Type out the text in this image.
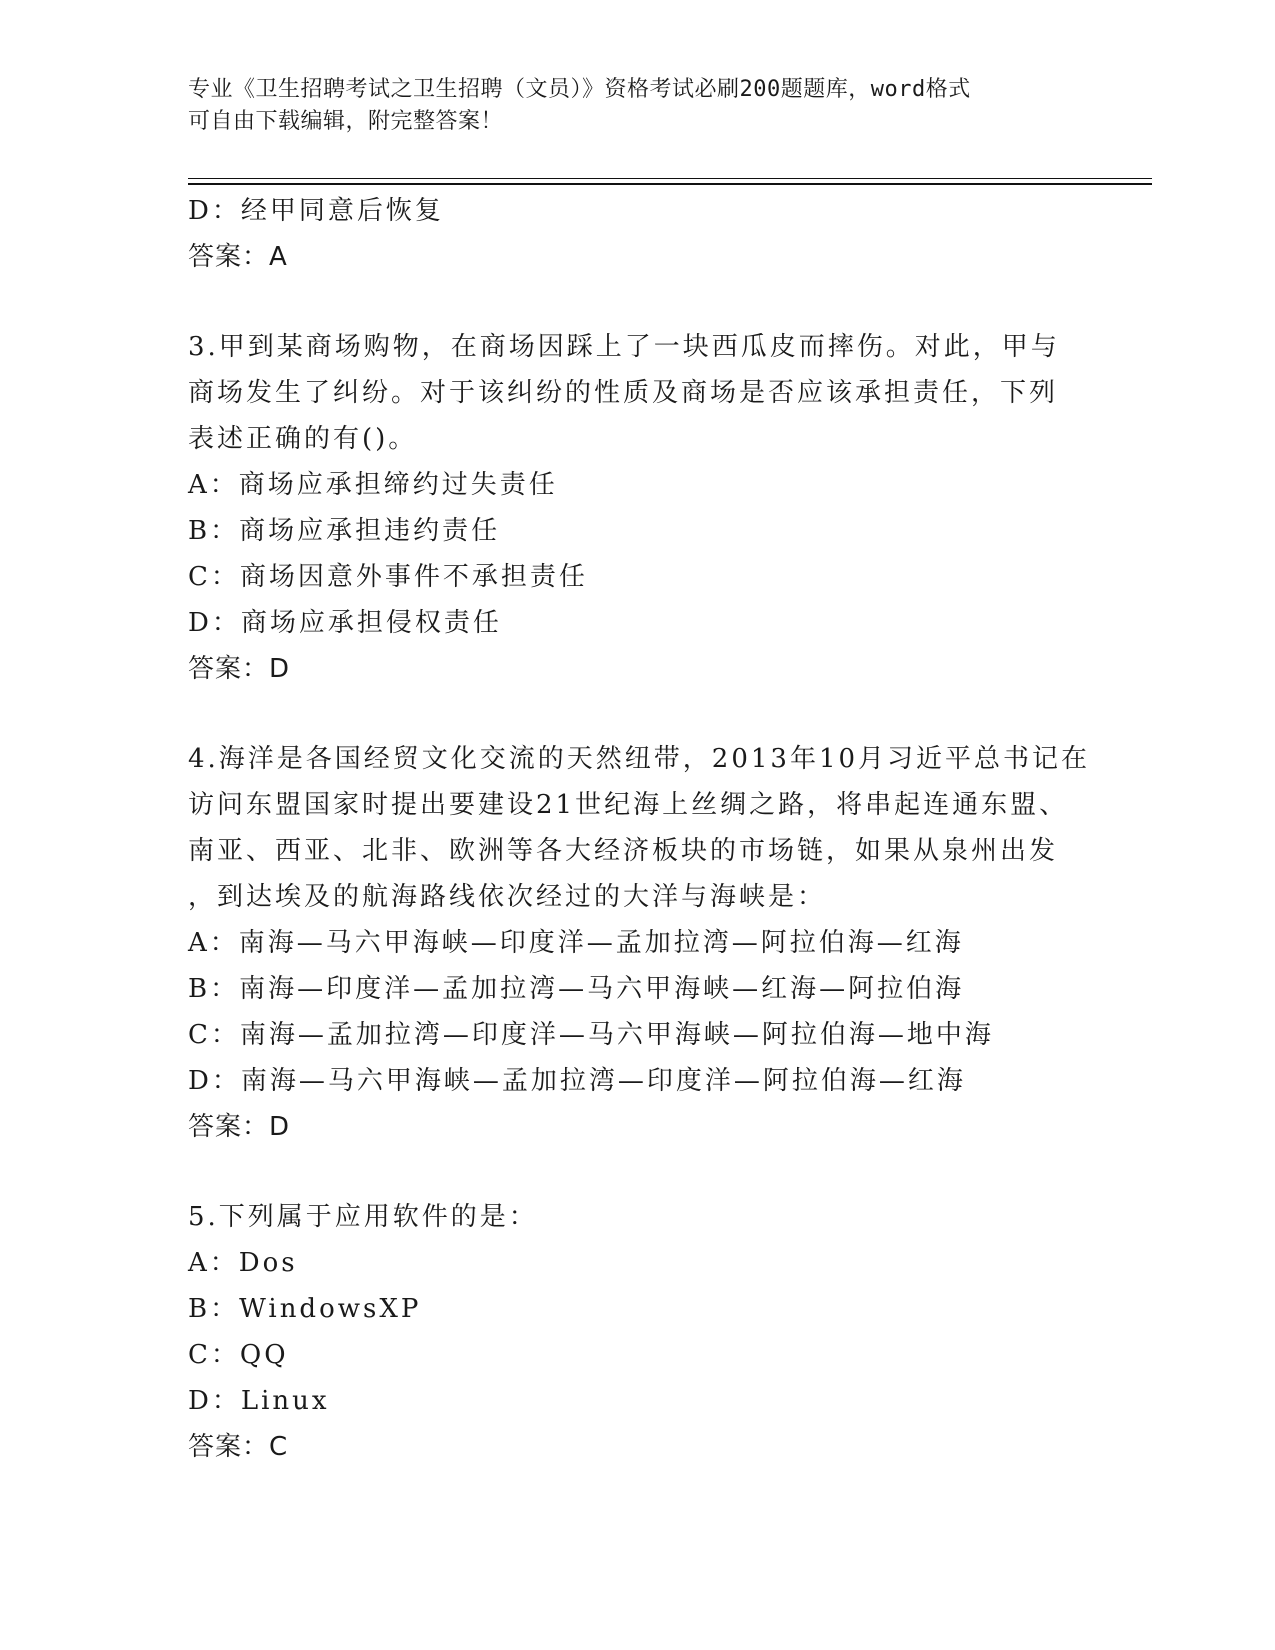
专业《卫生招聘考试之卫生招聘（文员）》资格考试必刷200题题库，word格式
可自由下载编辑，附完整答案！
D：经甲同意后恢复
答案：A
3.甲到某商场购物，在商场因踩上了一块西瓜皮而摔伤。对此，甲与
商场发生了纠纷。对于该纠纷的性质及商场是否应该承担责任，下列
表述正确的有()。
A：商场应承担缔约过失责任
B：商场应承担违约责任
C：商场因意外事件不承担责任
D：商场应承担侵权责任
答案：D
4.海洋是各国经贸文化交流的天然纽带，2013年10月习近平总书记在
访问东盟国家时提出要建设21世纪海上丝绸之路，将串起连通东盟、
南亚、西亚、北非、欧洲等各大经济板块的市场链，如果从泉州出发
，到达埃及的航海路线依次经过的大洋与海峡是：
A：南海—马六甲海峡—印度洋—孟加拉湾—阿拉伯海—红海
B：南海—印度洋—孟加拉湾—马六甲海峡—红海—阿拉伯海
C：南海—孟加拉湾—印度洋—马六甲海峡—阿拉伯海—地中海
D：南海—马六甲海峡—孟加拉湾—印度洋—阿拉伯海—红海
答案：D
5.下列属于应用软件的是：
A：Dos
B：WindowsXP
C：QQ
D：Linux
答案：C
